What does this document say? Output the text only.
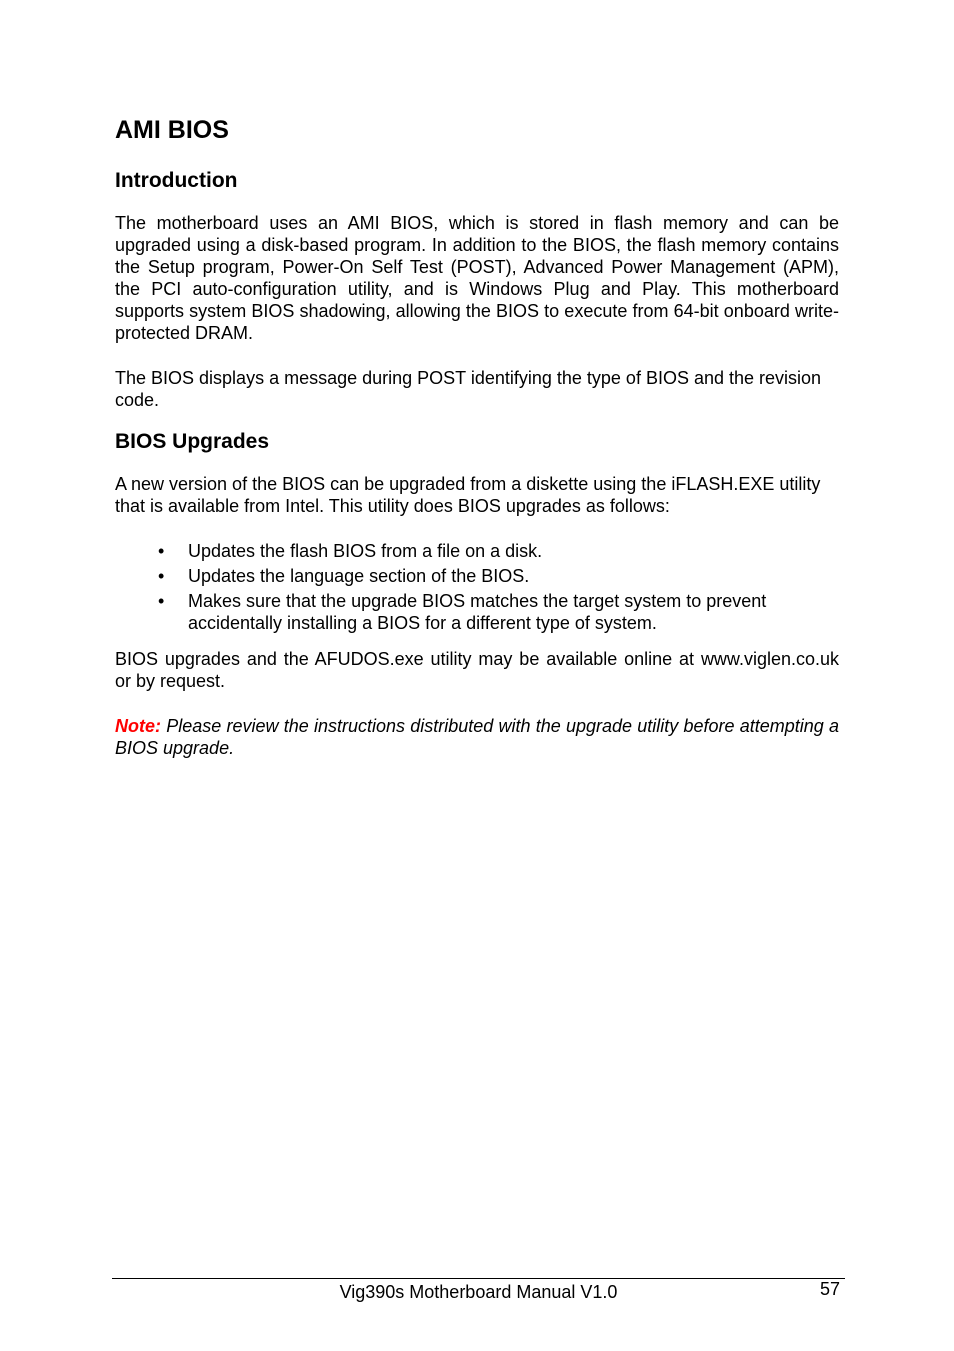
AMI BIOS
Introduction

The motherboard uses an AMI BIOS, which is stored in flash memory and can be upgraded using a disk-based program. In addition to the BIOS, the flash memory contains the Setup program, Power-On Self Test (POST), Advanced Power Management (APM), the PCI auto-configuration utility, and is Windows Plug and Play. This motherboard supports system BIOS shadowing, allowing the BIOS to execute from 64-bit onboard write-protected DRAM.

The BIOS displays a message during POST identifying the type of BIOS and the revision code.

BIOS Upgrades

A new version of the BIOS can be upgraded from a diskette using the iFLASH.EXE utility that is available from Intel. This utility does BIOS upgrades as follows:

• Updates the flash BIOS from a file on a disk.
• Updates the language section of the BIOS.
• Makes sure that the upgrade BIOS matches the target system to prevent accidentally installing a BIOS for a different type of system.

BIOS upgrades and the AFUDOS.exe utility may be available online at www.viglen.co.uk or by request.

Note: Please review the instructions distributed with the upgrade utility before attempting a BIOS upgrade.

Vig390s Motherboard Manual V1.0	57
